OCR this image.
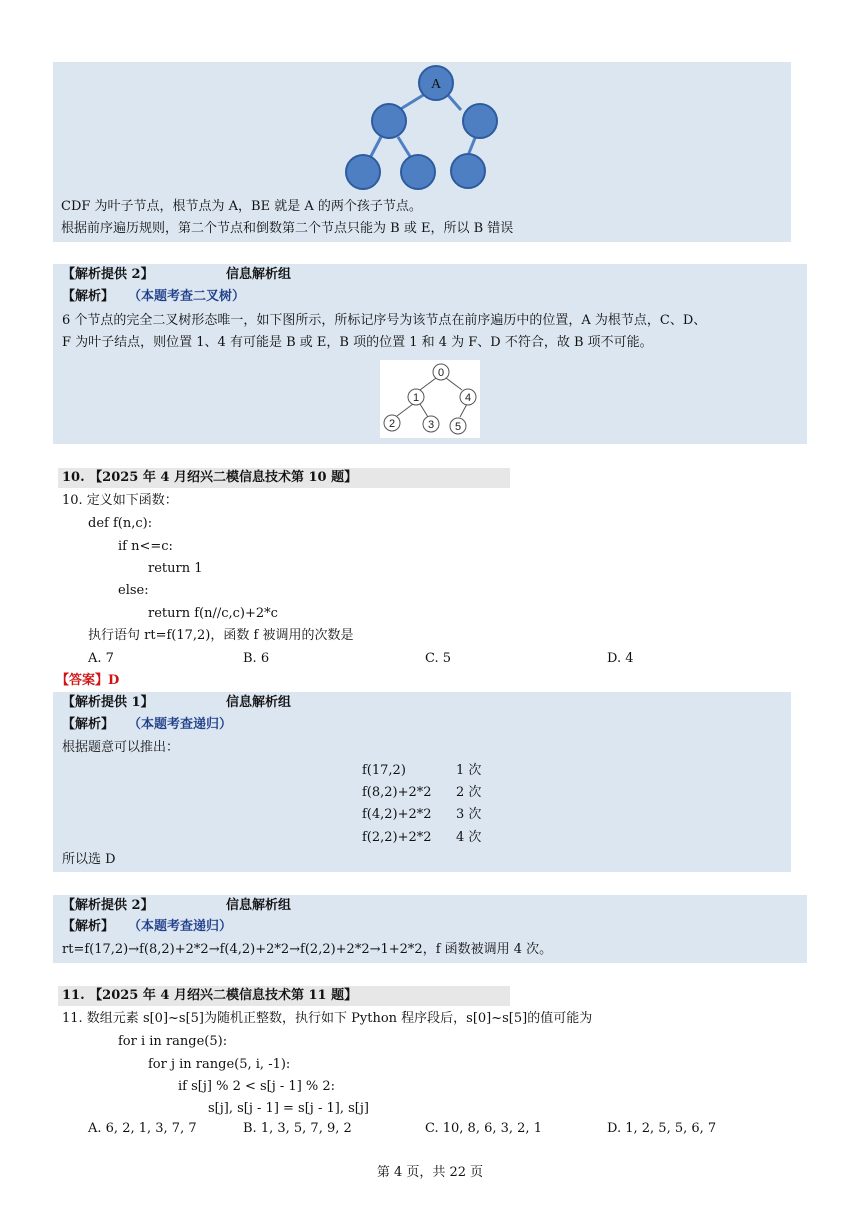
A
CDF 为叶子节点，根节点为 A，BE 就是 A 的两个孩子节点。
根据前序遍历规则，第二个节点和倒数第二个节点只能为 B 或 E，所以 B 错误
【解析提供 2】	信息解析组
【解析】 （本题考查二叉树）
6 个节点的完全二叉树形态唯一，如下图所示，所标记序号为该节点在前序遍历中的位置，A 为根节点，C、D、
F 为叶子结点，则位置 1、4 有可能是 B 或 E，B 项的位置 1 和 4 为 F、D 不符合，故 B 项不可能。
0
1	4
2	3 5
10. 【2025 年 4 月绍兴二模信息技术第 10 题】
10. 定义如下函数：
def f(n,c):
if n<=c:
return 1
else:
return f(n//c,c)+2*c
执行语句 rt=f(17,2)，函数 f 被调用的次数是
A. 7	B. 6	C. 5	D. 4
【答案】D
【解析提供 1】	信息解析组
【解析】 （本题考查递归）
根据题意可以推出：
f(17,2)	1 次
f(8,2)+2*2 2 次
f(4,2)+2*2 3 次
f(2,2)+2*2 4 次
所以选 D
【解析提供 2】	信息解析组
【解析】 （本题考查递归）
rt=f(17,2)→f(8,2)+2*2→f(4,2)+2*2→f(2,2)+2*2→1+2*2，f 函数被调用 4 次。
11. 【2025 年 4 月绍兴二模信息技术第 11 题】
11. 数组元素 s[0]~s[5]为随机正整数，执行如下 Python 程序段后，s[0]~s[5]的值可能为
for i in range(5):
for j in range(5, i, -1):
if s[j] % 2 < s[j - 1] % 2:
s[j], s[j - 1] = s[j - 1], s[j]
A. 6, 2, 1, 3, 7, 7	B. 1, 3, 5, 7, 9, 2	C. 10, 8, 6, 3, 2, 1	D. 1, 2, 5, 5, 6, 7
第 4 页，共 22 页
